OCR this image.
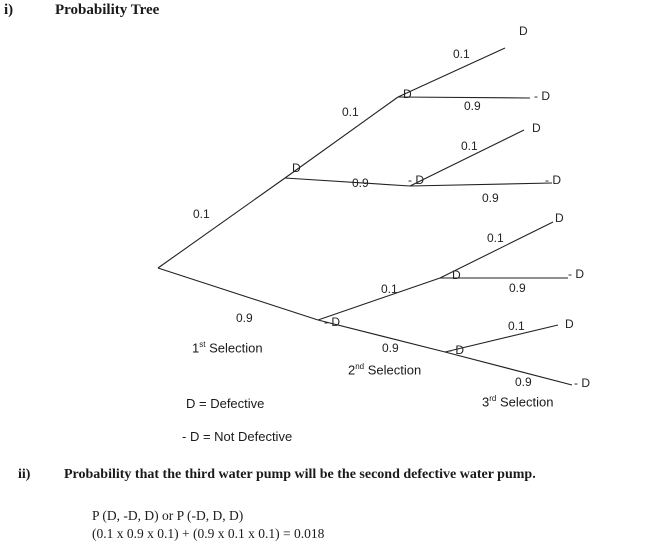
i)	Probability Tree
0.1
0.9
0.1
0.9
0.1
0.9
0.1
0.9
0.1
0.9
0.1
0.9
0.1
0.9
D
- D
D
- D
D
- D
D
- D
D
- D
D
- D
D
- D
1st Selection
2nd Selection
3rd Selection
D = Defective
- D = Not Defective
ii) Probability that the third water pump will be the second defective water pump.
P (D, -D, D) or P (-D, D, D)
(0.1 x 0.9 x 0.1) + (0.9 x 0.1 x 0.1) = 0.018
